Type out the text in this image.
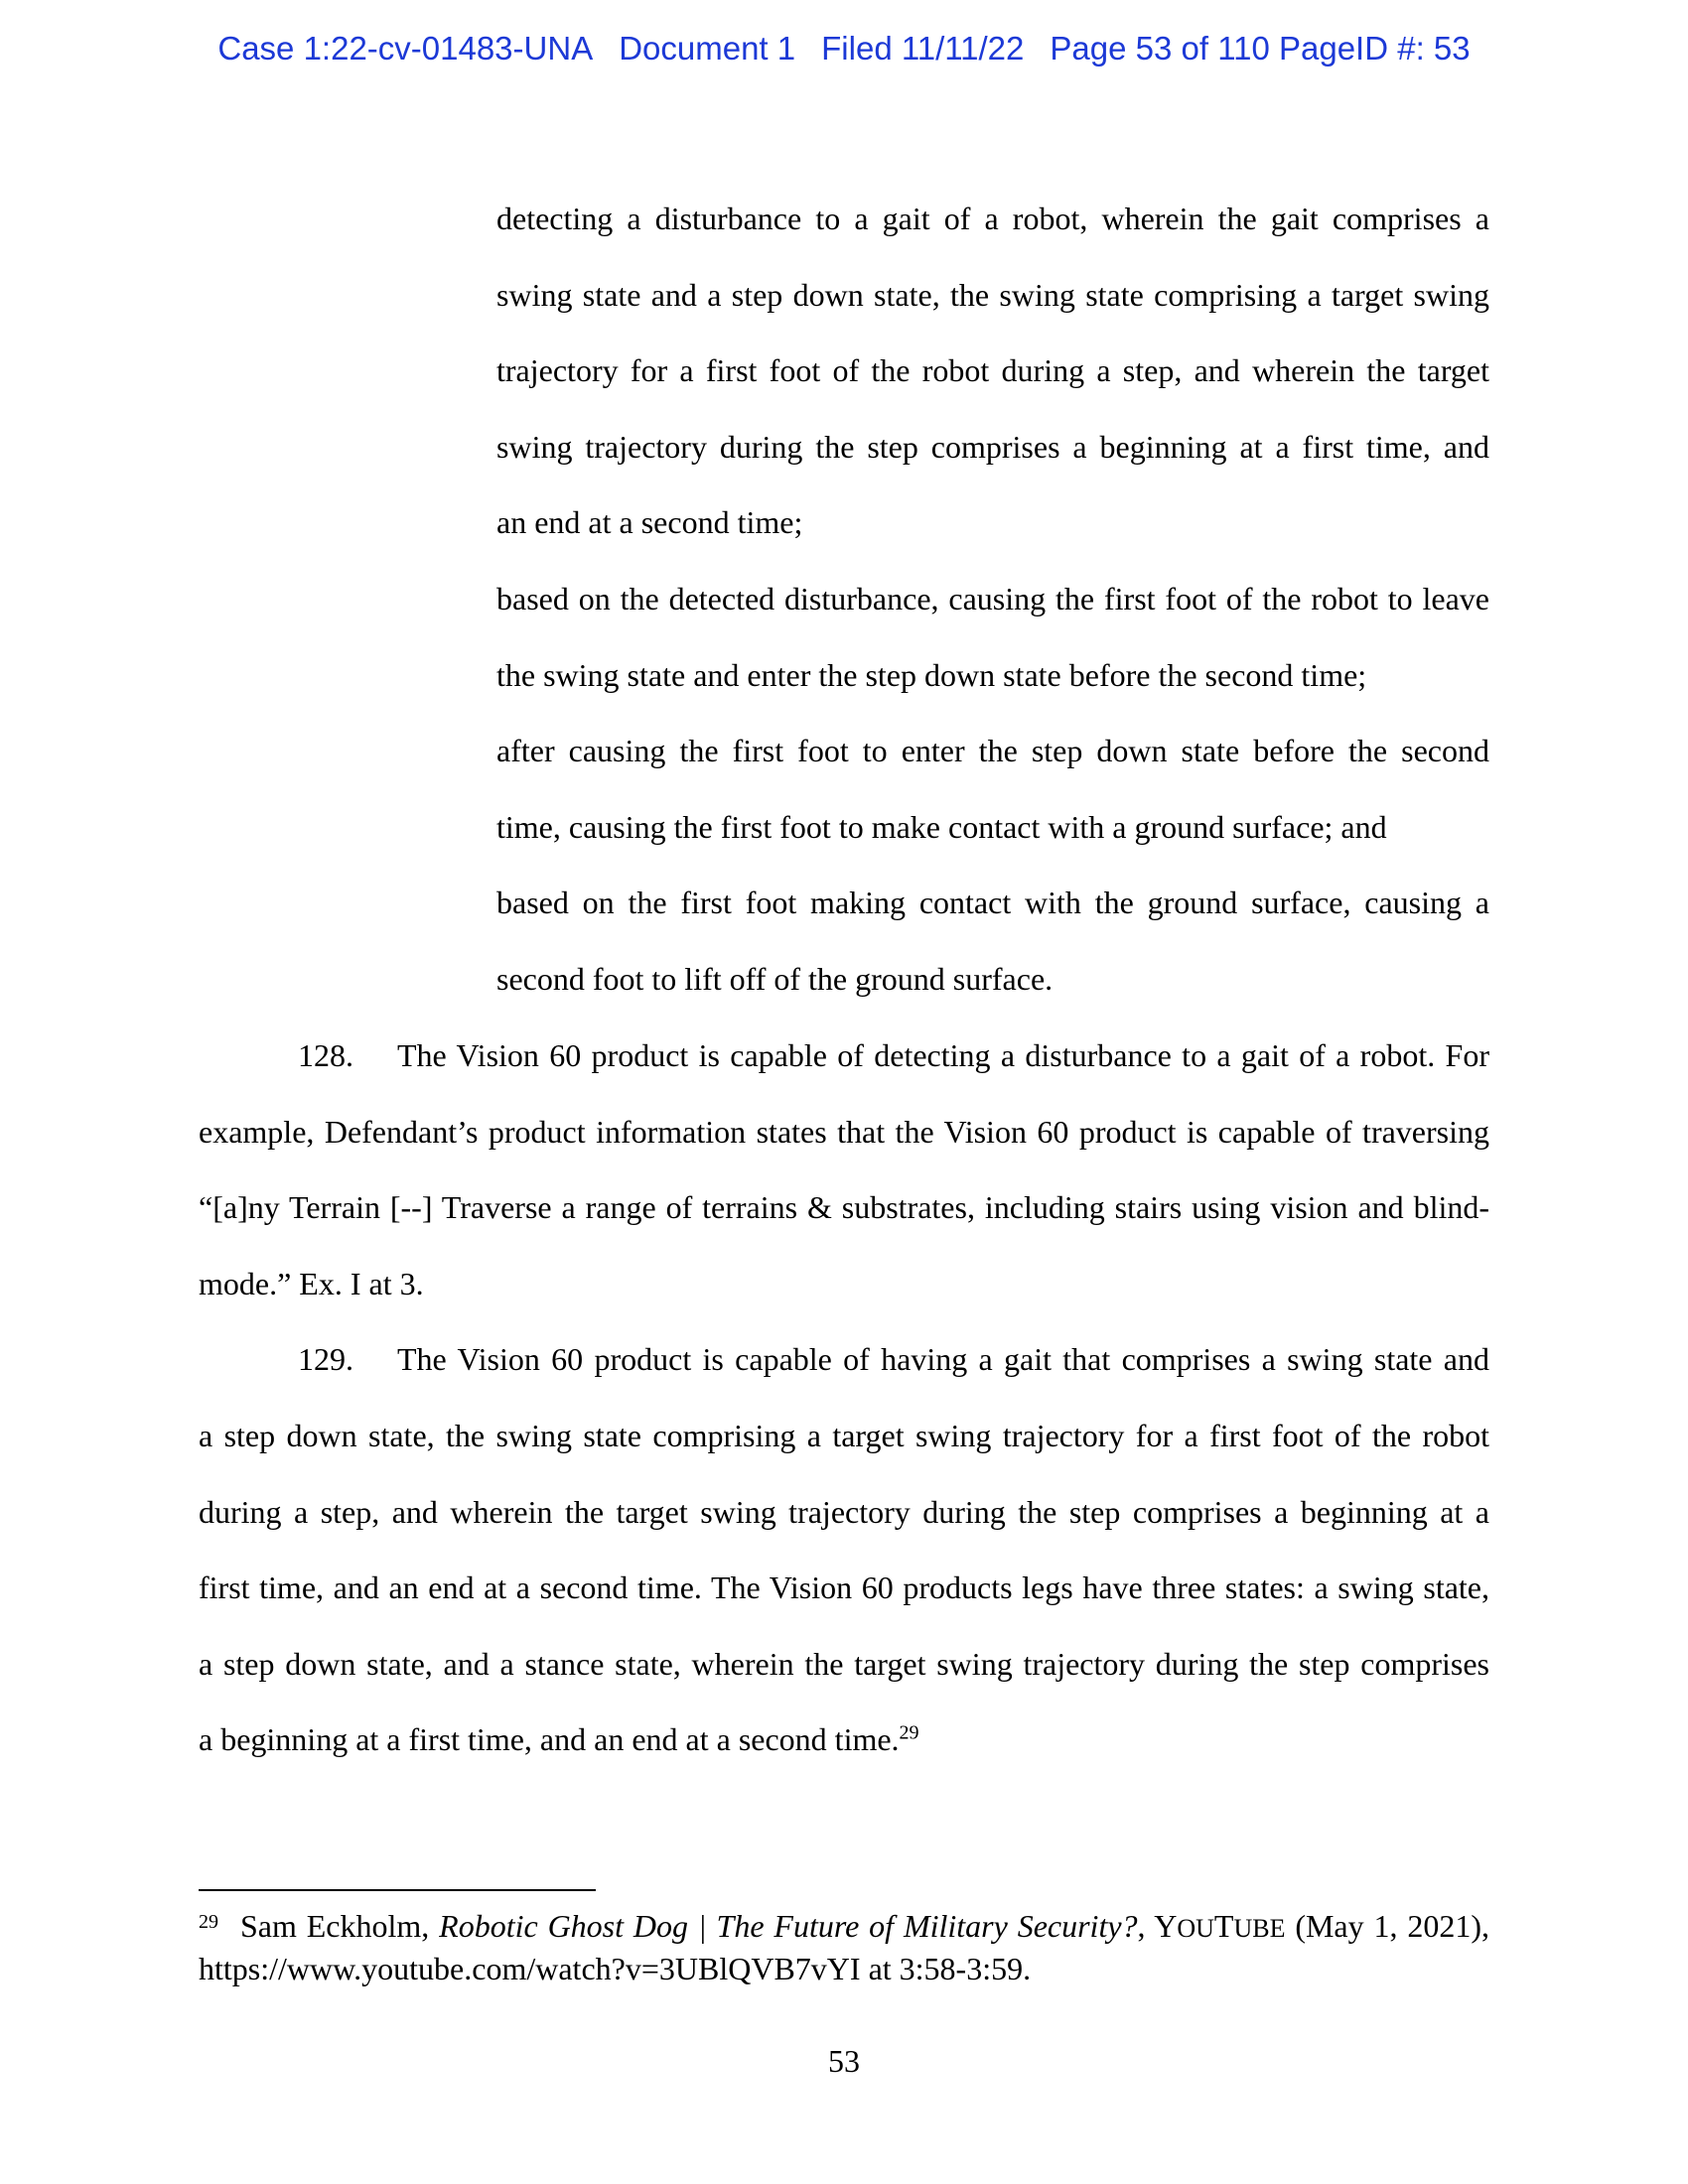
Case 1:22-cv-01483-UNA Document 1 Filed 11/11/22 Page 53 of 110 PageID #: 53
detecting a disturbance to a gait of a robot, wherein the gait comprises a
swing state and a step down state, the swing state comprising a target swing
trajectory for a first foot of the robot during a step, and wherein the target
swing trajectory during the step comprises a beginning at a first time, and
an end at a second time;
based on the detected disturbance, causing the first foot of the robot to leave
the swing state and enter the step down state before the second time;
after causing the first foot to enter the step down state before the second
time, causing the first foot to make contact with a ground surface; and
based on the first foot making contact with the ground surface, causing a
second foot to lift off of the ground surface.
128. The Vision 60 product is capable of detecting a disturbance to a gait of a robot. For
example, Defendant’s product information states that the Vision 60 product is capable of traversing
“[a]ny Terrain [--] Traverse a range of terrains & substrates, including stairs using vision and blind-
mode.” Ex. I at 3.
129. The Vision 60 product is capable of having a gait that comprises a swing state and
a step down state, the swing state comprising a target swing trajectory for a first foot of the robot
during a step, and wherein the target swing trajectory during the step comprises a beginning at a
first time, and an end at a second time. The Vision 60 products legs have three states: a swing state,
a step down state, and a stance state, wherein the target swing trajectory during the step comprises
a beginning at a first time, and an end at a second time.$^{29}$
$^{29}$ Sam Eckholm, Robotic Ghost Dog | The Future of Military Security?, YOUTUBE (May 1, 2021),
https://www.youtube.com/watch?v=3UBlQVB7vYI at 3:58-3:59.
53
